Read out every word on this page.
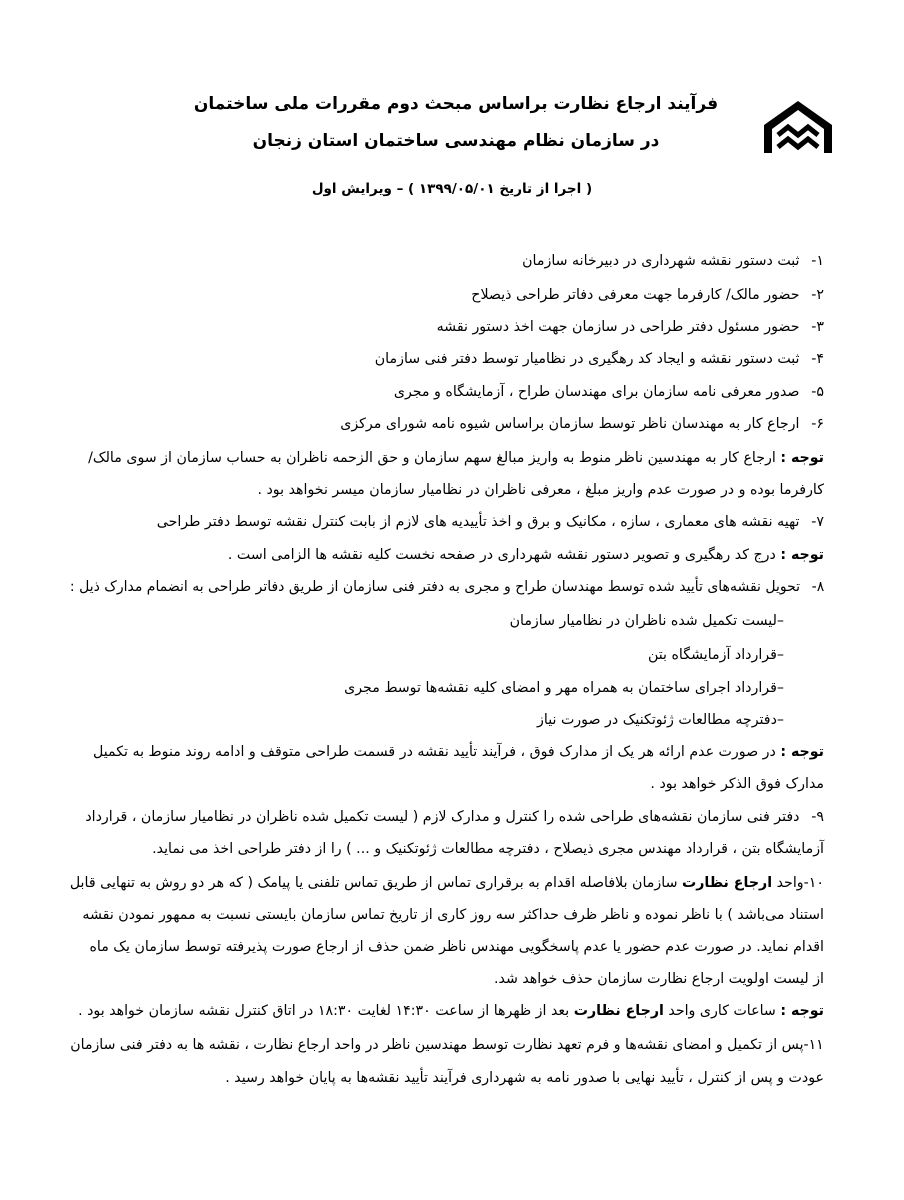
فرآیند ارجاع نظارت براساس مبحث دوم مقررات ملی ساختمان
در سازمان نظام مهندسی ساختمان استان زنجان
( اجرا از تاریخ ۱۳۹۹/۰۵/۰۱ ) – ویرایش اول
۱- ثبت دستور نقشه شهرداری در دبیرخانه سازمان
۲- حضور مالک/ کارفرما جهت معرفی دفاتر طراحی ذیصلاح
۳- حضور مسئول دفتر طراحی در سازمان جهت اخذ دستور نقشه
۴- ثبت دستور نقشه و ایجاد کد رهگیری در نظامیار توسط دفتر فنی سازمان
۵- صدور معرفی نامه سازمان برای مهندسان طراح ، آزمایشگاه و مجری
۶- ارجاع کار به مهندسان ناظر توسط سازمان براساس شیوه نامه شورای مرکزی
توجه : ارجاع کار به مهندسین ناظر منوط به واریز مبالغ سهم سازمان و حق الزحمه ناظران به حساب سازمان از سوی مالک/
کارفرما بوده و در صورت عدم واریز مبلغ ، معرفی ناظران در نظامیار سازمان میسر نخواهد بود .
۷- تهیه نقشه های معماری ، سازه ، مکانیک و برق و اخذ تأییدیه های لازم از بابت کنترل نقشه توسط دفتر طراحی
توجه : درج کد رهگیری و تصویر دستور نقشه شهرداری در صفحه نخست کلیه نقشه ها الزامی است .
۸- تحویل نقشه‌های تأیید شده توسط مهندسان طراح و مجری به دفتر فنی سازمان از طریق دفاتر طراحی به انضمام مدارک ذیل :
–لیست تکمیل شده ناظران در نظامیار سازمان
–قرارداد آزمایشگاه بتن
–قرارداد اجرای ساختمان به همراه مهر و امضای کلیه نقشه‌ها توسط مجری
–دفترچه مطالعات ژئوتکنیک در صورت نیاز
توجه : در صورت عدم ارائه هر یک از مدارک فوق ، فرآیند تأیید نقشه در قسمت طراحی متوقف و ادامه روند منوط به تکمیل
مدارک فوق الذکر خواهد بود .
۹- دفتر فنی سازمان نقشه‌های طراحی شده را کنترل و مدارک لازم ( لیست تکمیل شده ناظران در نظامیار سازمان ، قرارداد
آزمایشگاه بتن ، قرارداد مهندس مجری ذیصلاح ، دفترچه مطالعات ژئوتکنیک و ... ) را از دفتر طراحی اخذ می نماید.
۱۰-واحد ارجاع نظارت سازمان بلافاصله اقدام به برقراری تماس از طریق تماس تلفنی یا پیامک ( که هر دو روش به تنهایی قابل
استناد می‌باشد ) با ناظر نموده و ناظر ظرف حداکثر سه روز کاری از تاریخ تماس سازمان بایستی نسبت به ممهور نمودن نقشه
اقدام نماید. در صورت عدم حضور یا عدم پاسخگویی مهندس ناظر ضمن حذف از ارجاع صورت پذیرفته توسط سازمان یک ماه
از لیست اولویت ارجاع نظارت سازمان حذف خواهد شد.
توجه : ساعات کاری واحد ارجاع نظارت بعد از ظهرها از ساعت ۱۴:۳۰ لغایت ۱۸:۳۰ در اتاق کنترل نقشه سازمان خواهد بود .
۱۱-پس از تکمیل و امضای نقشه‌ها و فرم تعهد نظارت توسط مهندسین ناظر در واحد ارجاع نظارت ، نقشه ها به دفتر فنی سازمان
عودت و پس از کنترل ، تأیید نهایی با صدور نامه به شهرداری فرآیند تأیید نقشه‌ها به پایان خواهد رسید .
